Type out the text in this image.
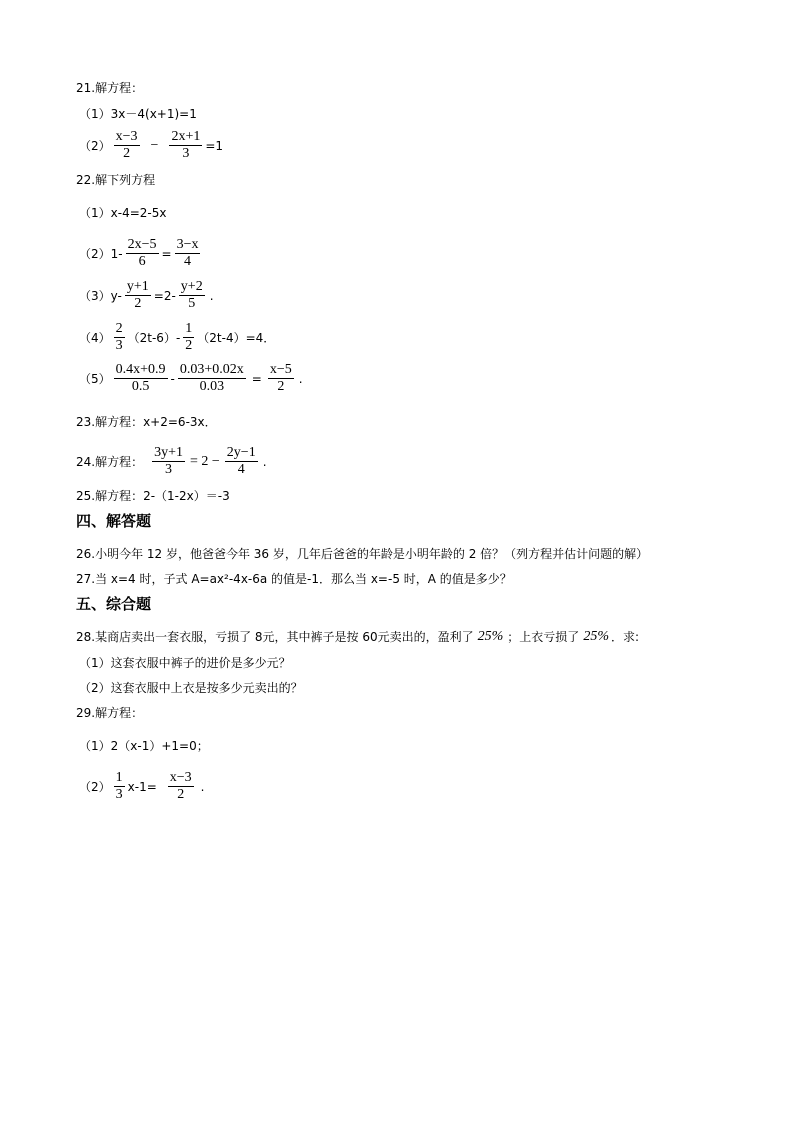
21.解方程：
（1）3x－4(x+1)=1
$(2) \frac{x-3}{2} - \frac{2x+1}{3} =1$
22.解下列方程
（1）x-4=2-5x
$(2)1- \frac{2x-5}{6} = \frac{3-x}{4}$
$(3)y- \frac{y+1}{2} =2- \frac{y+2}{5}$ .
$(4) \frac{2}{3} (2t-6)- \frac{1}{2} (2t-4)=4$．
$(5) \frac{0.4x+0.9}{0.5} - \frac{0.03+0.02x}{0.03} = \frac{x-5}{2}$ .
23.解方程：x+2=6-3x．
24.解方程： $\frac{3y+1}{3} = 2 - \frac{2y-1}{4}$ .
25.解方程：2-（1-2x）＝-3
四、解答题
26.小明今年 12 岁，他爸爸今年 36 岁，几年后爸爸的年龄是小明年龄的 2 倍？（列方程并估计问题的解）
27.当 x=4 时，子式 A=ax²-4x-6a 的值是-1．那么当 x=-5 时，A 的值是多少？
五、综合题
28.某商店卖出一套衣服，亏损了 8元，其中裤子是按 60元卖出的，盈利了 25% ；上衣亏损了 25% ．求:
（1）这套衣服中裤子的进价是多少元？
（2）这套衣服中上衣是按多少元卖出的？
29.解方程：
（1）2（x-1）+1=0；
$(2) \frac{1}{3} x-1= \frac{x-3}{2}$ .
